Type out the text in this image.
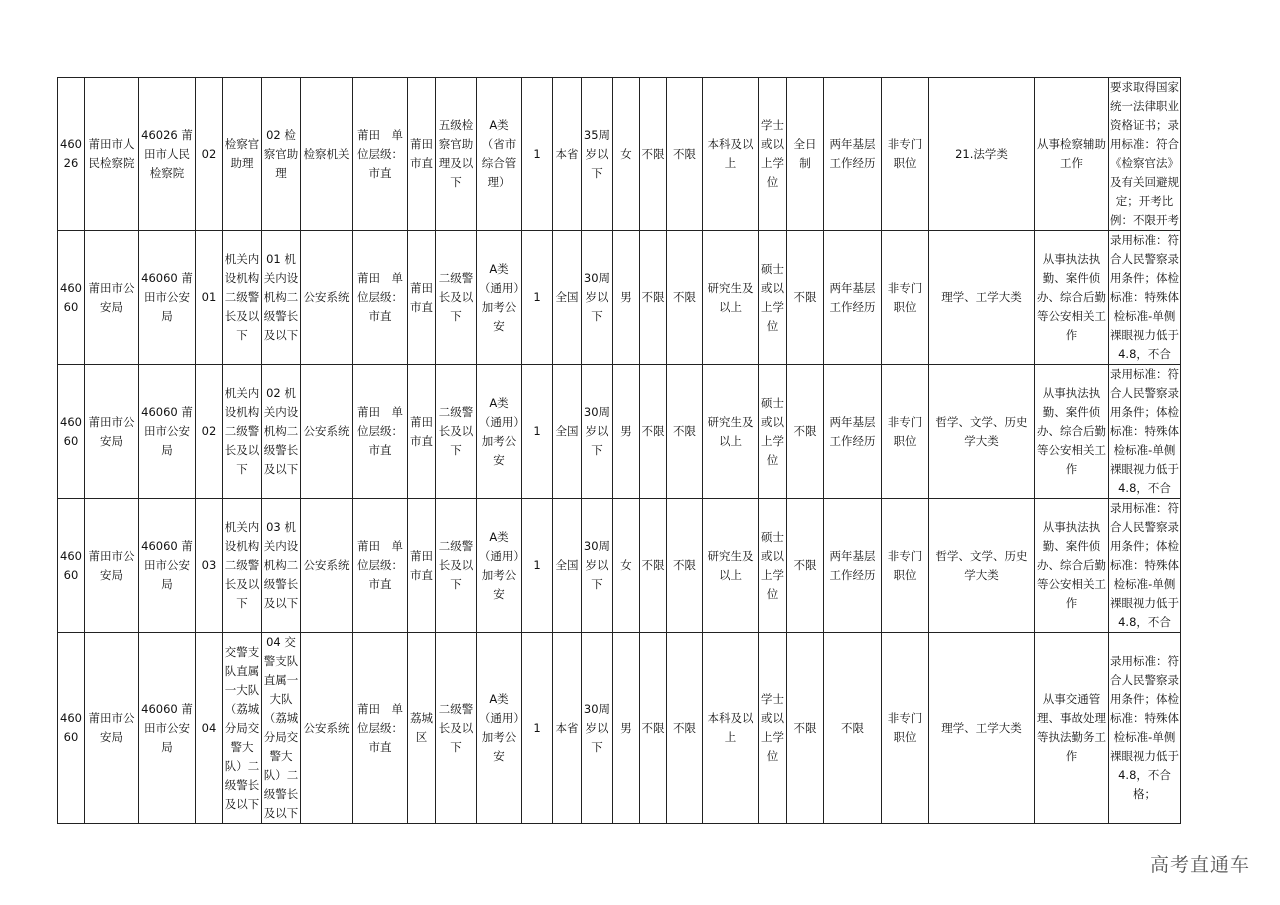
46026	莆田市人民检察院	46026 莆田市人民检察院	02	检察官助理	02 检察官助理	检察机关	莆田　单位层级：市直	莆田市直	五级检察官助理及以下	A类（省市综合管理）	1	本省	35周岁以下	女	不限	不限	本科及以上	学士或以上学位	全日制	两年基层工作经历	非专门职位	21.法学类	从事检察辅助工作	要求取得国家统一法律职业资格证书；录用标准：符合《检察官法》及有关回避规定；开考比例：不限开考
46060	莆田市公安局	46060 莆田市公安局	01	机关内设机构二级警长及以下	01 机关内设机构二级警长及以下	公安系统	莆田　单位层级：市直	莆田市直	二级警长及以下	A类（通用）加考公安	1	全国	30周岁以下	男	不限	不限	研究生及以上	硕士或以上学位	不限	两年基层工作经历	非专门职位	理学、工学大类	从事执法执勤、案件侦办、综合后勤等公安相关工作	录用标准：符合人民警察录用条件；体检标准：特殊体检标准-单侧裸眼视力低于4.8，不合
46060	莆田市公安局	46060 莆田市公安局	02	机关内设机构二级警长及以下	02 机关内设机构二级警长及以下	公安系统	莆田　单位层级：市直	莆田市直	二级警长及以下	A类（通用）加考公安	1	全国	30周岁以下	男	不限	不限	研究生及以上	硕士或以上学位	不限	两年基层工作经历	非专门职位	哲学、文学、历史学大类	从事执法执勤、案件侦办、综合后勤等公安相关工作	录用标准：符合人民警察录用条件；体检标准：特殊体检标准-单侧裸眼视力低于4.8，不合
46060	莆田市公安局	46060 莆田市公安局	03	机关内设机构二级警长及以下	03 机关内设机构二级警长及以下	公安系统	莆田　单位层级：市直	莆田市直	二级警长及以下	A类（通用）加考公安	1	全国	30周岁以下	女	不限	不限	研究生及以上	硕士或以上学位	不限	两年基层工作经历	非专门职位	哲学、文学、历史学大类	从事执法执勤、案件侦办、综合后勤等公安相关工作	录用标准：符合人民警察录用条件；体检标准：特殊体检标准-单侧裸眼视力低于4.8，不合
46060	莆田市公安局	46060 莆田市公安局	04	交警支队直属一大队（荔城分局交警大队）二级警长及以下	04 交警支队直属一大队（荔城分局交警大队）二级警长及以下	公安系统	莆田　单位层级：市直	荔城区	二级警长及以下	A类（通用）加考公安	1	本省	30周岁以下	男	不限	不限	本科及以上	学士或以上学位	不限	不限	非专门职位	理学、工学大类	从事交通管理、事故处理等执法勤务工作	录用标准：符合人民警察录用条件；体检标准：特殊体检标准-单侧裸眼视力低于4.8，不合格；
高考直通车
